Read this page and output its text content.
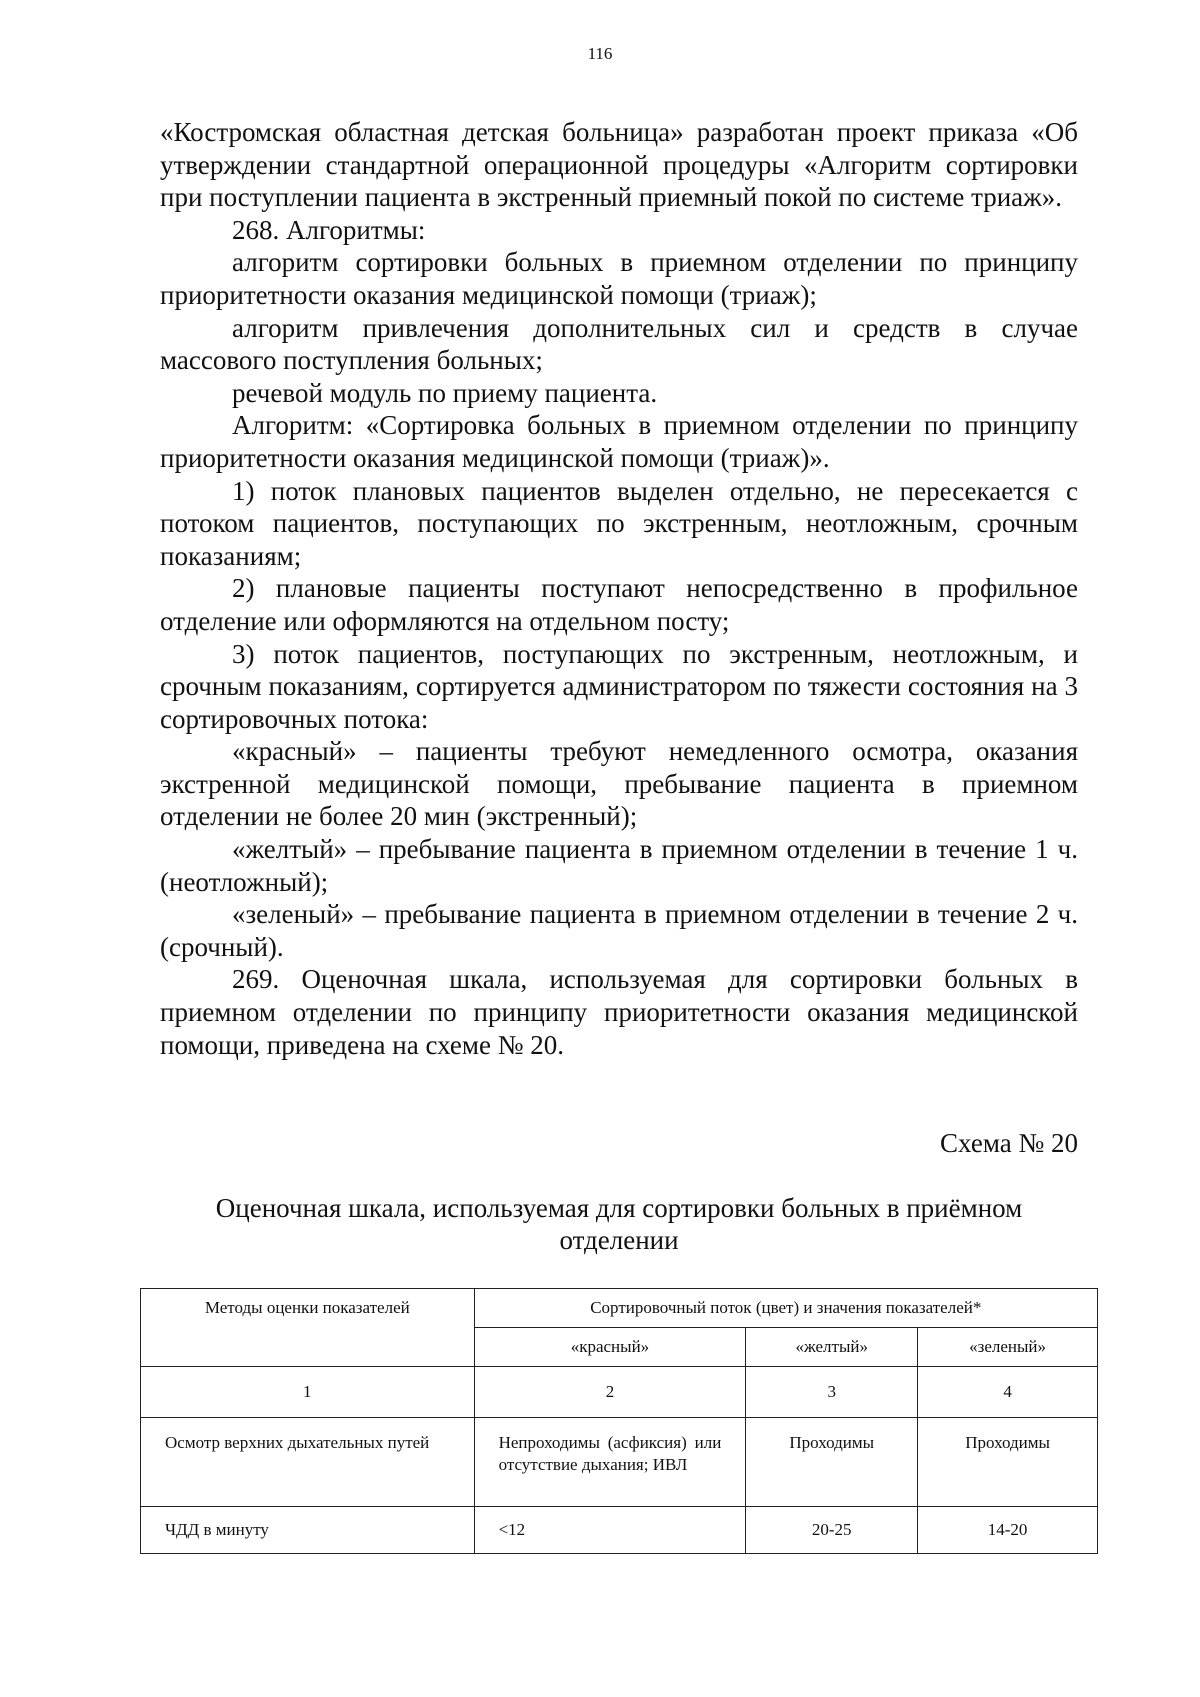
116

«Костромская областная детская больница» разработан проект приказа «Об утверждении стандартной операционной процедуры «Алгоритм сортировки при поступлении пациента в экстренный приемный покой по системе триаж».

268. Алгоритмы:

алгоритм сортировки больных в приемном отделении по принципу приоритетности оказания медицинской помощи (триаж);

алгоритм привлечения дополнительных сил и средств в случае массового поступления больных;

речевой модуль по приему пациента.

Алгоритм: «Сортировка больных в приемном отделении по принципу приоритетности оказания медицинской помощи (триаж)».

1) поток плановых пациентов выделен отдельно, не пересекается с потоком пациентов, поступающих по экстренным, неотложным, срочным показаниям;

2) плановые пациенты поступают непосредственно в профильное отделение или оформляются на отдельном посту;

3) поток пациентов, поступающих по экстренным, неотложным, и срочным показаниям, сортируется администратором по тяжести состояния на 3 сортировочных потока:

«красный» – пациенты требуют немедленного осмотра, оказания экстренной медицинской помощи, пребывание пациента в приемном отделении не более 20 мин (экстренный);

«желтый» – пребывание пациента в приемном отделении в течение 1 ч. (неотложный);

«зеленый» – пребывание пациента в приемном отделении в течение 2 ч. (срочный).

269. Оценочная шкала, используемая для сортировки больных в приемном отделении по принципу приоритетности оказания медицинской помощи, приведена на схеме № 20.

Схема № 20
Оценочная шкала, используемая для сортировки больных в приёмном отделении
Методы оценки показателей	Сортировочный поток (цвет) и значения показателей*		
	«красный»	«желтый»	«зеленый»
1	2	3	4
Осмотр верхних дыхательных путей	Непроходимы (асфиксия) или отсутствие дыхания; ИВЛ	Проходимы	Проходимы
ЧДД в минуту	<12	20-25	14-20
